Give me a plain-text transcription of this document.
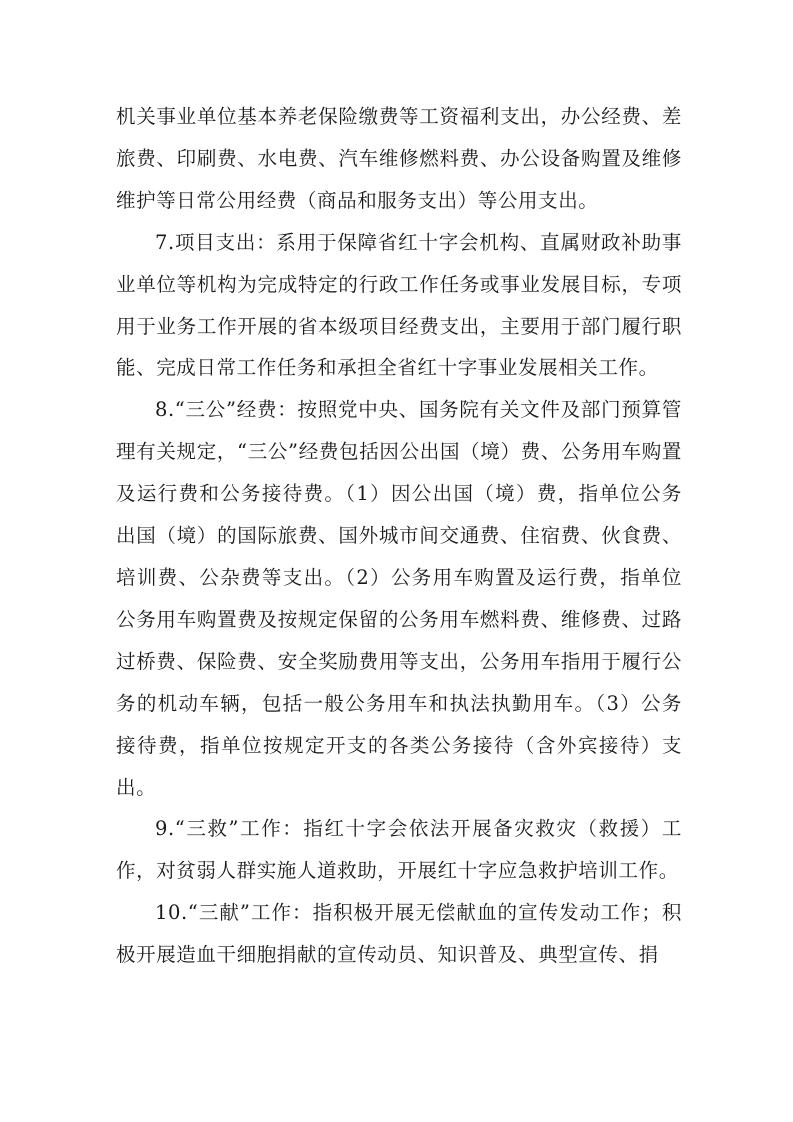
机关事业单位基本养老保险缴费等工资福利支出，办公经费、差旅费、印刷费、水电费、汽车维修燃料费、办公设备购置及维修维护等日常公用经费（商品和服务支出）等公用支出。

7.项目支出：系用于保障省红十字会机构、直属财政补助事业单位等机构为完成特定的行政工作任务或事业发展目标，专项用于业务工作开展的省本级项目经费支出，主要用于部门履行职能、完成日常工作任务和承担全省红十字事业发展相关工作。

8.“三公”经费：按照党中央、国务院有关文件及部门预算管理有关规定，“三公”经费包括因公出国（境）费、公务用车购置及运行费和公务接待费。（1）因公出国（境）费，指单位公务出国（境）的国际旅费、国外城市间交通费、住宿费、伙食费、培训费、公杂费等支出。（2）公务用车购置及运行费，指单位公务用车购置费及按规定保留的公务用车燃料费、维修费、过路过桥费、保险费、安全奖励费用等支出，公务用车指用于履行公务的机动车辆，包括一般公务用车和执法执勤用车。（3）公务接待费，指单位按规定开支的各类公务接待（含外宾接待）支出。

9.“三救”工作：指红十字会依法开展备灾救灾（救援）工作，对贫弱人群实施人道救助，开展红十字应急救护培训工作。

10.“三献”工作：指积极开展无偿献血的宣传发动工作；积极开展造血干细胞捐献的宣传动员、知识普及、典型宣传、捐
